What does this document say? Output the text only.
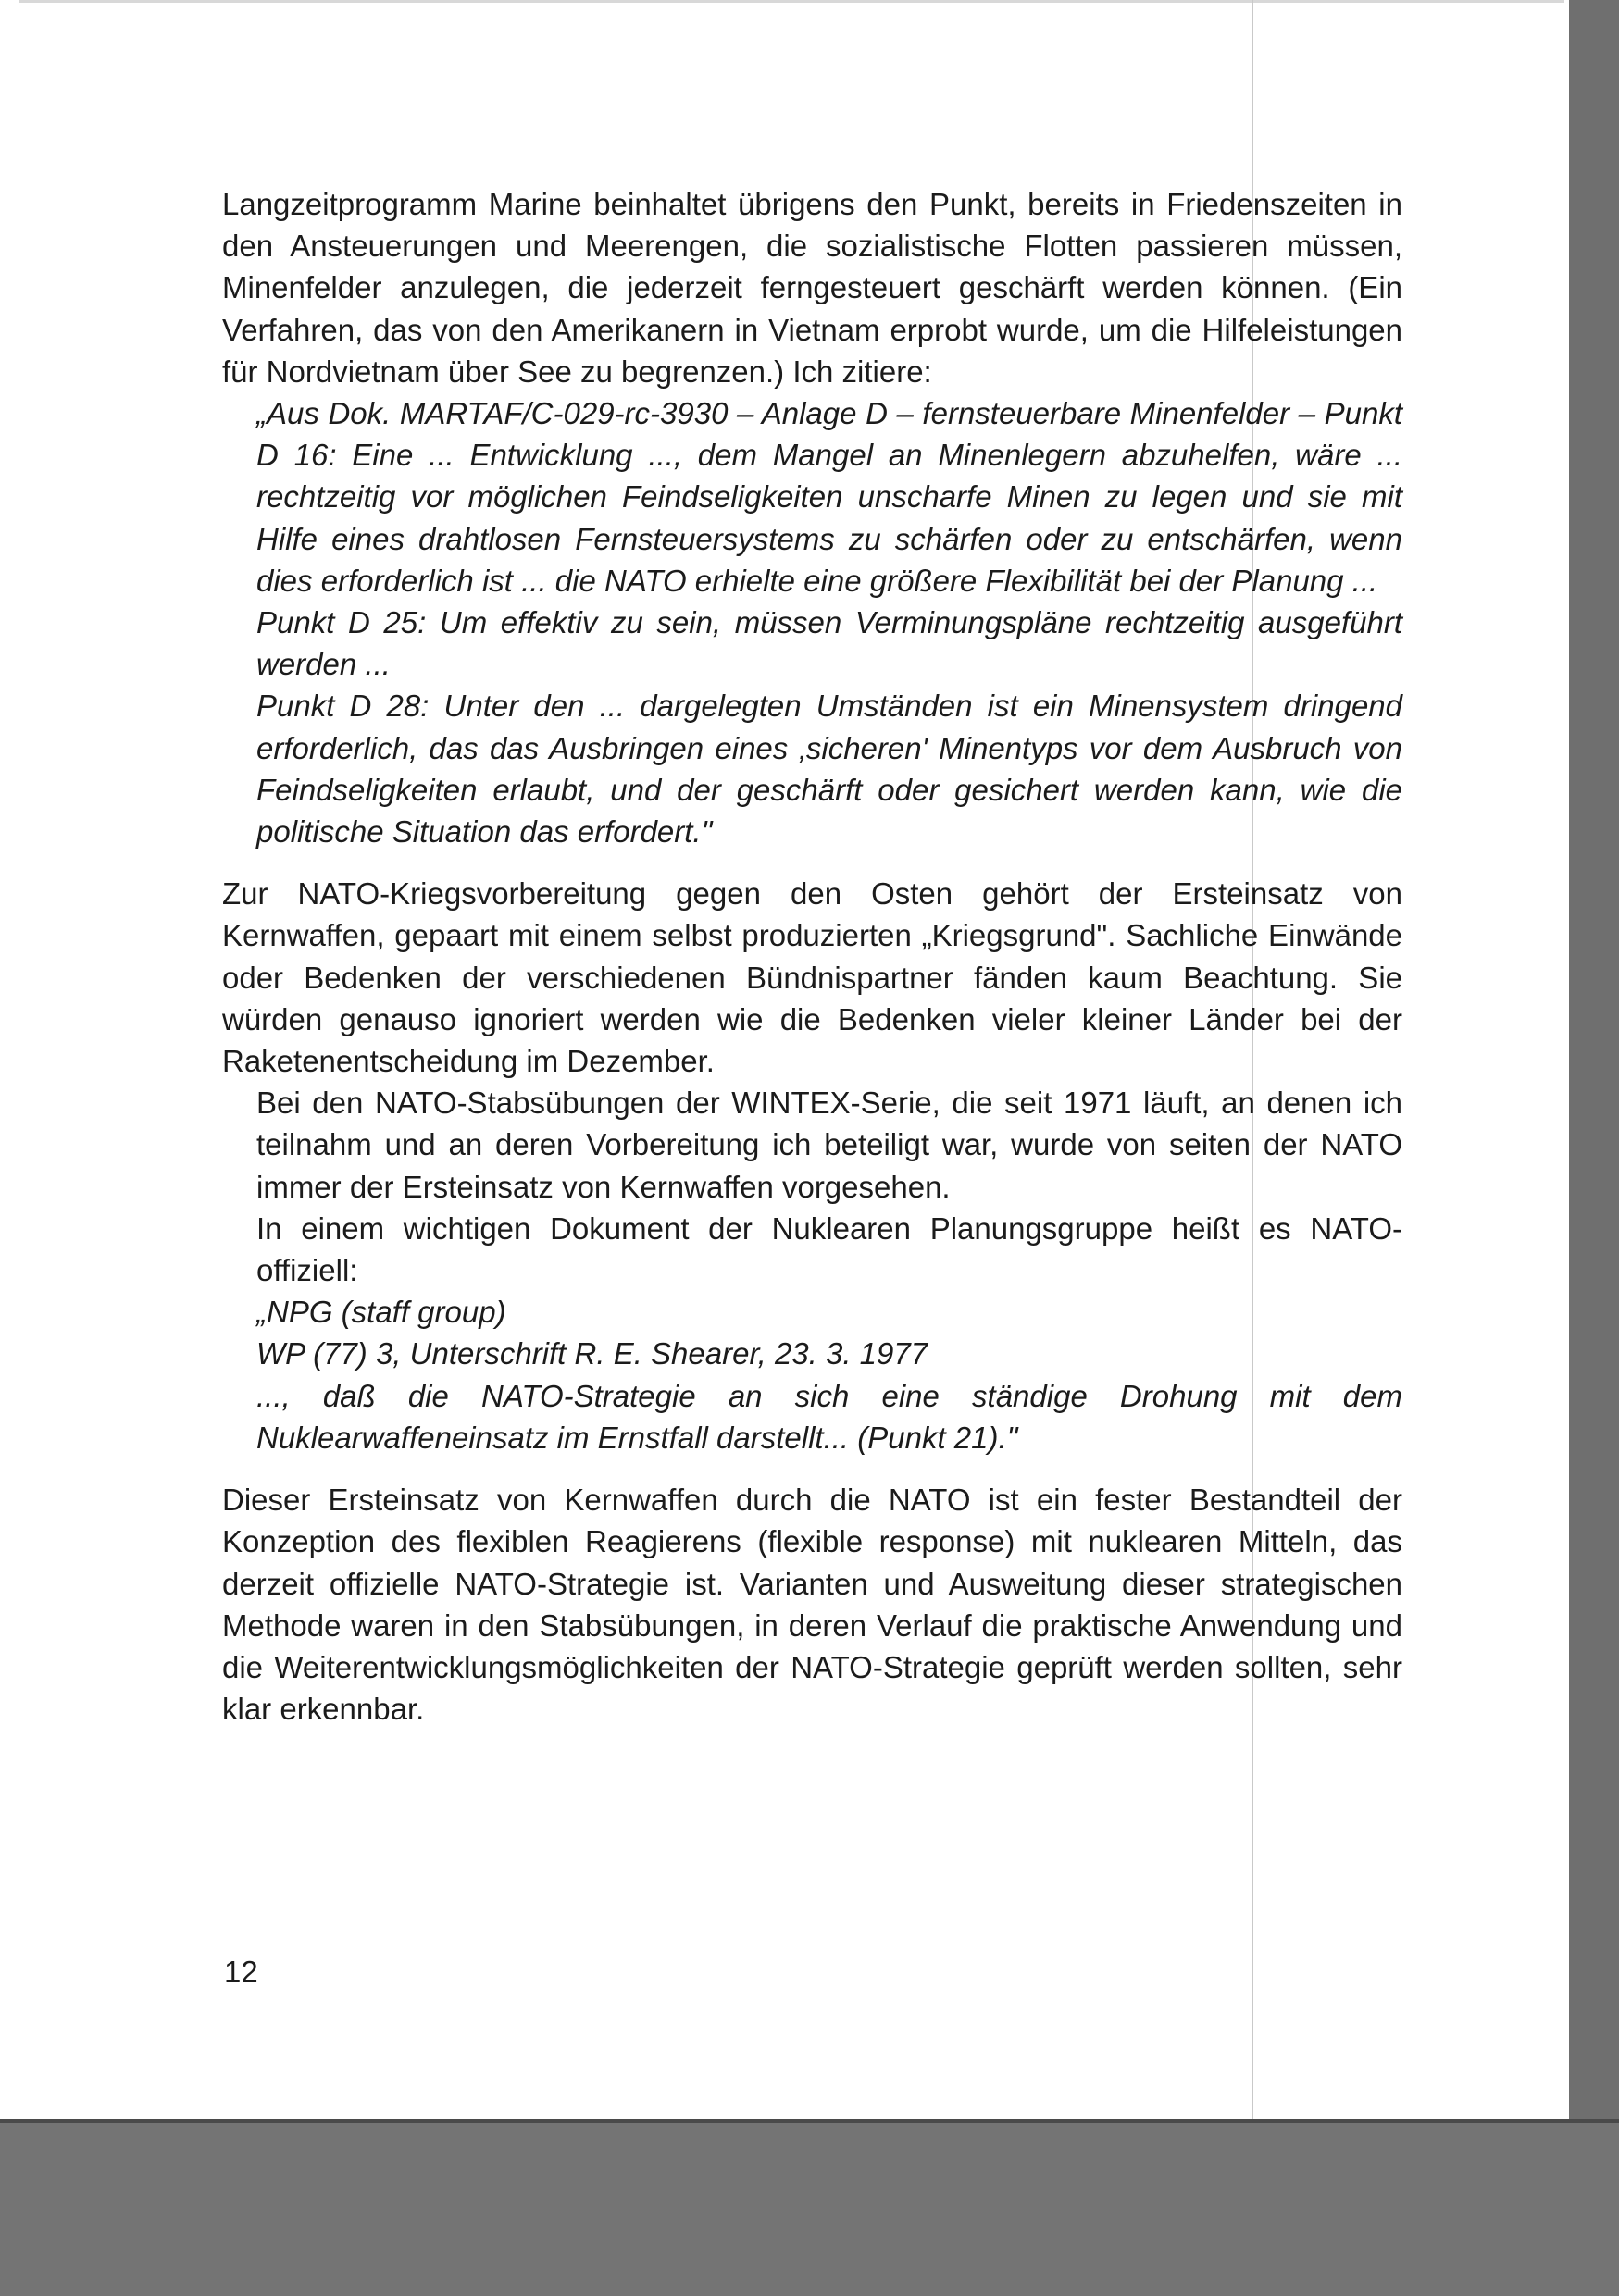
Langzeitprogramm Marine beinhaltet übrigens den Punkt, bereits in Friedenszeiten in den Ansteuerungen und Meerengen, die sozialistische Flotten passieren müssen, Minenfelder anzulegen, die jederzeit ferngesteuert geschärft werden können. (Ein Verfahren, das von den Amerikanern in Vietnam erprobt wurde, um die Hilfeleistungen für Nordvietnam über See zu begrenzen.) Ich zitiere:

„Aus Dok. MARTAF/C-029-rc-3930 – Anlage D – fernsteuerbare Minenfelder – Punkt D 16: Eine ... Entwicklung ..., dem Mangel an Minenlegern abzuhelfen, wäre ... rechtzeitig vor möglichen Feindseligkeiten unscharfe Minen zu legen und sie mit Hilfe eines drahtlosen Fernsteuersystems zu schärfen oder zu entschärfen, wenn dies erforderlich ist ... die NATO erhielte eine größere Flexibilität bei der Planung ...

Punkt D 25: Um effektiv zu sein, müssen Verminungspläne rechtzeitig ausgeführt werden ...

Punkt D 28: Unter den ... dargelegten Umständen ist ein Minensystem dringend erforderlich, das das Ausbringen eines ‚sicheren' Minentyps vor dem Ausbruch von Feindseligkeiten erlaubt, und der geschärft oder gesichert werden kann, wie die politische Situation das erfordert."

Zur NATO-Kriegsvorbereitung gegen den Osten gehört der Ersteinsatz von Kernwaffen, gepaart mit einem selbst produzierten „Kriegsgrund". Sachliche Einwände oder Bedenken der verschiedenen Bündnispartner fänden kaum Beachtung. Sie würden genauso ignoriert werden wie die Bedenken vieler kleiner Länder bei der Raketenentscheidung im Dezember.

Bei den NATO-Stabsübungen der WINTEX-Serie, die seit 1971 läuft, an denen ich teilnahm und an deren Vorbereitung ich beteiligt war, wurde von seiten der NATO immer der Ersteinsatz von Kernwaffen vorgesehen.

In einem wichtigen Dokument der Nuklearen Planungsgruppe heißt es NATO-offiziell:

„NPG (staff group)

WP (77) 3, Unterschrift R. E. Shearer, 23. 3. 1977

..., daß die NATO-Strategie an sich eine ständige Drohung mit dem Nuklearwaffeneinsatz im Ernstfall darstellt... (Punkt 21)."

Dieser Ersteinsatz von Kernwaffen durch die NATO ist ein fester Bestandteil der Konzeption des flexiblen Reagierens (flexible response) mit nuklearen Mitteln, das derzeit offizielle NATO-Strategie ist. Varianten und Ausweitung dieser strategischen Methode waren in den Stabsübungen, in deren Verlauf die praktische Anwendung und die Weiterentwicklungsmöglichkeiten der NATO-Strategie geprüft werden sollten, sehr klar erkennbar.

12
